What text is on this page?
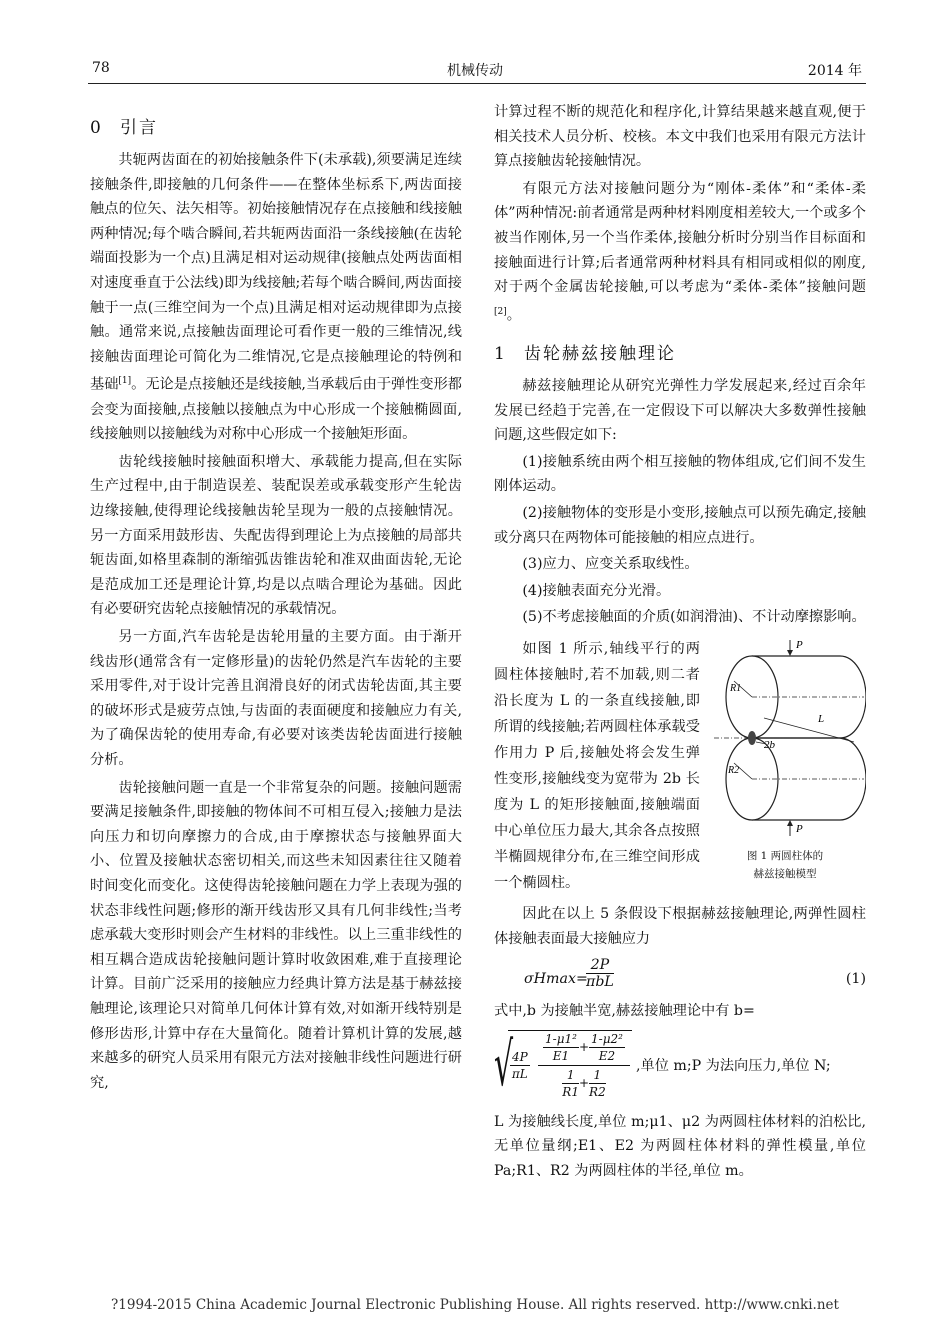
78	机械传动	2014 年
0 引言

共轭两齿面在的初始接触条件下(未承载),须要满足连续接触条件,即接触的几何条件——在整体坐标系下,两齿面接触点的位矢、法矢相等。初始接触情况存在点接触和线接触两种情况;每个啮合瞬间,若共轭两齿面沿一条线接触(在齿轮端面投影为一个点)且满足相对运动规律(接触点处两齿面相对速度垂直于公法线)即为线接触;若每个啮合瞬间,两齿面接触于一点(三维空间为一个点)且满足相对运动规律即为点接触。通常来说,点接触齿面理论可看作更一般的三维情况,线接触齿面理论可简化为二维情况,它是点接触理论的特例和基础[1]。无论是点接触还是线接触,当承载后由于弹性变形都会变为面接触,点接触以接触点为中心形成一个接触椭圆面,线接触则以接触线为对称中心形成一个接触矩形面。

齿轮线接触时接触面积增大、承载能力提高,但在实际生产过程中,由于制造误差、装配误差或承载变形产生轮齿边缘接触,使得理论线接触齿轮呈现为一般的点接触情况。另一方面采用鼓形齿、失配齿得到理论上为点接触的局部共轭齿面,如格里森制的渐缩弧齿锥齿轮和准双曲面齿轮,无论是范成加工还是理论计算,均是以点啮合理论为基础。因此有必要研究齿轮点接触情况的承载情况。

另一方面,汽车齿轮是齿轮用量的主要方面。由于渐开线齿形(通常含有一定修形量)的齿轮仍然是汽车齿轮的主要采用零件,对于设计完善且润滑良好的闭式齿轮齿面,其主要的破坏形式是疲劳点蚀,与齿面的表面硬度和接触应力有关,为了确保齿轮的使用寿命,有必要对该类齿轮齿面进行接触分析。

齿轮接触问题一直是一个非常复杂的问题。接触问题需要满足接触条件,即接触的物体间不可相互侵入;接触力是法向压力和切向摩擦力的合成,由于摩擦状态与接触界面大小、位置及接触状态密切相关,而这些未知因素往往又随着时间变化而变化。这使得齿轮接触问题在力学上表现为强的状态非线性问题;修形的渐开线齿形又具有几何非线性;当考虑承载大变形时则会产生材料的非线性。以上三重非线性的相互耦合造成齿轮接触问题计算时收敛困难,难于直接理论计算。目前广泛采用的接触应力经典计算方法是基于赫兹接触理论,该理论只对简单几何体计算有效,对如渐开线特别是修形齿形,计算中存在大量简化。随着计算机计算的发展,越来越多的研究人员采用有限元方法对接触非线性问题进行研究,

计算过程不断的规范化和程序化,计算结果越来越直观,便于相关技术人员分析、校核。本文中我们也采用有限元方法计算点接触齿轮接触情况。

有限元方法对接触问题分为“刚体-柔体”和“柔体-柔体”两种情况:前者通常是两种材料刚度相差较大,一个或多个被当作刚体,另一个当作柔体,接触分析时分别当作目标面和接触面进行计算;后者通常两种材料具有相同或相似的刚度,对于两个金属齿轮接触,可以考虑为“柔体-柔体”接触问题[2]。

1 齿轮赫兹接触理论

赫兹接触理论从研究光弹性力学发展起来,经过百余年发展已经趋于完善,在一定假设下可以解决大多数弹性接触问题,这些假定如下:

(1)接触系统由两个相互接触的物体组成,它们间不发生刚体运动。

(2)接触物体的变形是小变形,接触点可以预先确定,接触或分离只在两物体可能接触的相应点进行。

(3)应力、应变关系取线性。

(4)接触表面充分光滑。

(5)不考虑接触面的介质(如润滑油)、不计动摩擦影响。

P
P
R1
R2
2b
L
图 1 两圆柱体的
赫兹接触模型

如图 1 所示,轴线平行的两圆柱体接触时,若不加载,则二者沿长度为 L 的一条直线接触,即所谓的线接触;若两圆柱体承载受作用力 P 后,接触处将会发生弹性变形,接触线变为宽带为 2b 长度为 L 的矩形接触面,接触端面中心单位压力最大,其余各点按照半椭圆规律分布,在三维空间形成一个椭圆柱。

因此在以上 5 条假设下根据赫兹接触理论,两弹性圆柱体接触表面最大接触应力

σHmax=
2P
πbL	(1)

式中,b 为接触半宽,赫兹接触理论中有 b=

√
$\frac{4P}{\pi L}$
$\frac{\text{1-μ1²}}{E1} + \frac{\text{1-μ2²}}{E2}$
$\frac{1}{R1} + \frac{1}{R2}$
,单位 m;P 为法向压力,单位 N;

L 为接触线长度,单位 m;μ1、μ2 为两圆柱体材料的泊松比,无单位量纲;E1、E2 为两圆柱体材料的弹性模量,单位 Pa;R1、R2 为两圆柱体的半径,单位 m。

?1994-2015 China Academic Journal Electronic Publishing House. All rights reserved. http://www.cnki.net
